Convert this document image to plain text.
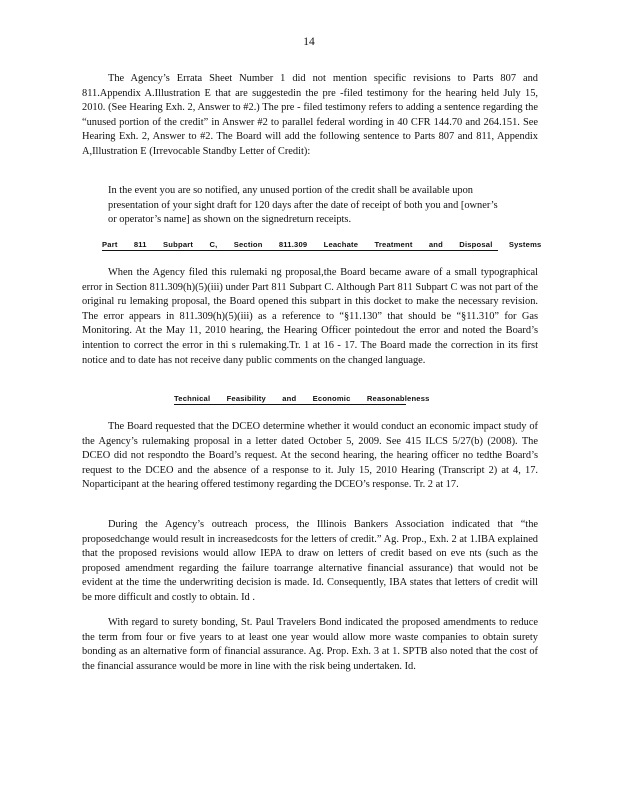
14

The Agency’s Errata Sheet Number 1 did not mention specific revisions to Parts 807 and 811.Appendix A.Illustration E that are suggestedin the pre -filed testimony for the hearing held July 15, 2010. (See Hearing Exh. 2, Answer to #2.) The pre - filed testimony refers to adding a sentence regarding the “unused portion of the credit” in Answer #2 to parallel federal wording in 40 CFR 144.70 and 264.151. See Hearing Exh. 2, Answer to #2. The Board will add the following sentence to Parts 807 and 811, Appendix A,Illustration E (Irrevocable Standby Letter of Credit):

In the event you are so notified, any unused portion of the credit shall be available upon presentation of your sight draft for 120 days after the date of receipt of both you and [owner’s or operator’s name] as shown on the signedreturn receipts.

Part 811 Subpart C, Section 811.309 Leachate Treatment and Disposal Systems

When the Agency filed this rulemaki ng proposal,the Board became aware of a small typographical error in Section 811.309(h)(5)(iii) under Part 811 Subpart C. Although Part 811 Subpart C was not part of the original ru lemaking proposal, the Board opened this subpart in this docket to make the necessary revision. The error appears in 811.309(h)(5)(iii) as a reference to “§11.130” that should be “§11.310” for Gas Monitoring. At the May 11, 2010 hearing, the Hearing Officer pointedout the error and noted the Board’s intention to correct the error in thi s rulemaking.Tr. 1 at 16 - 17. The Board made the correction in its first notice and to date has not receive dany public comments on the changed language.

Technical Feasibility and Economic Reasonableness

The Board requested that the DCEO determine whether it would conduct an economic impact study of the Agency’s rulemaking proposal in a letter dated October 5, 2009. See 415 ILCS 5/27(b) (2008). The DCEO did not respondto the Board’s request. At the second hearing, the hearing officer no tedthe Board’s request to the DCEO and the absence of a response to it. July 15, 2010 Hearing (Transcript 2) at 4, 17. Noparticipant at the hearing offered testimony regarding the DCEO’s response. Tr. 2 at 17.

During the Agency’s outreach process, the Illinois Bankers Association indicated that “the proposedchange would result in increasedcosts for the letters of credit.” Ag. Prop., Exh. 2 at 1.IBA explained that the proposed revisions would allow IEPA to draw on letters of credit based on eve nts (such as the proposed amendment regarding the failure toarrange alternative financial assurance) that would not be evident at the time the underwriting decision is made. Id. Consequently, IBA states that letters of credit will be more difficult and costly to obtain. Id .

With regard to surety bonding, St. Paul Travelers Bond indicated the proposed amendments to reduce the term from four or five years to at least one year would allow more waste companies to obtain surety bonding as an alternative form of financial assurance. Ag. Prop. Exh. 3 at 1. SPTB also noted that the cost of the financial assurance would be more in line with the risk being undertaken. Id.
